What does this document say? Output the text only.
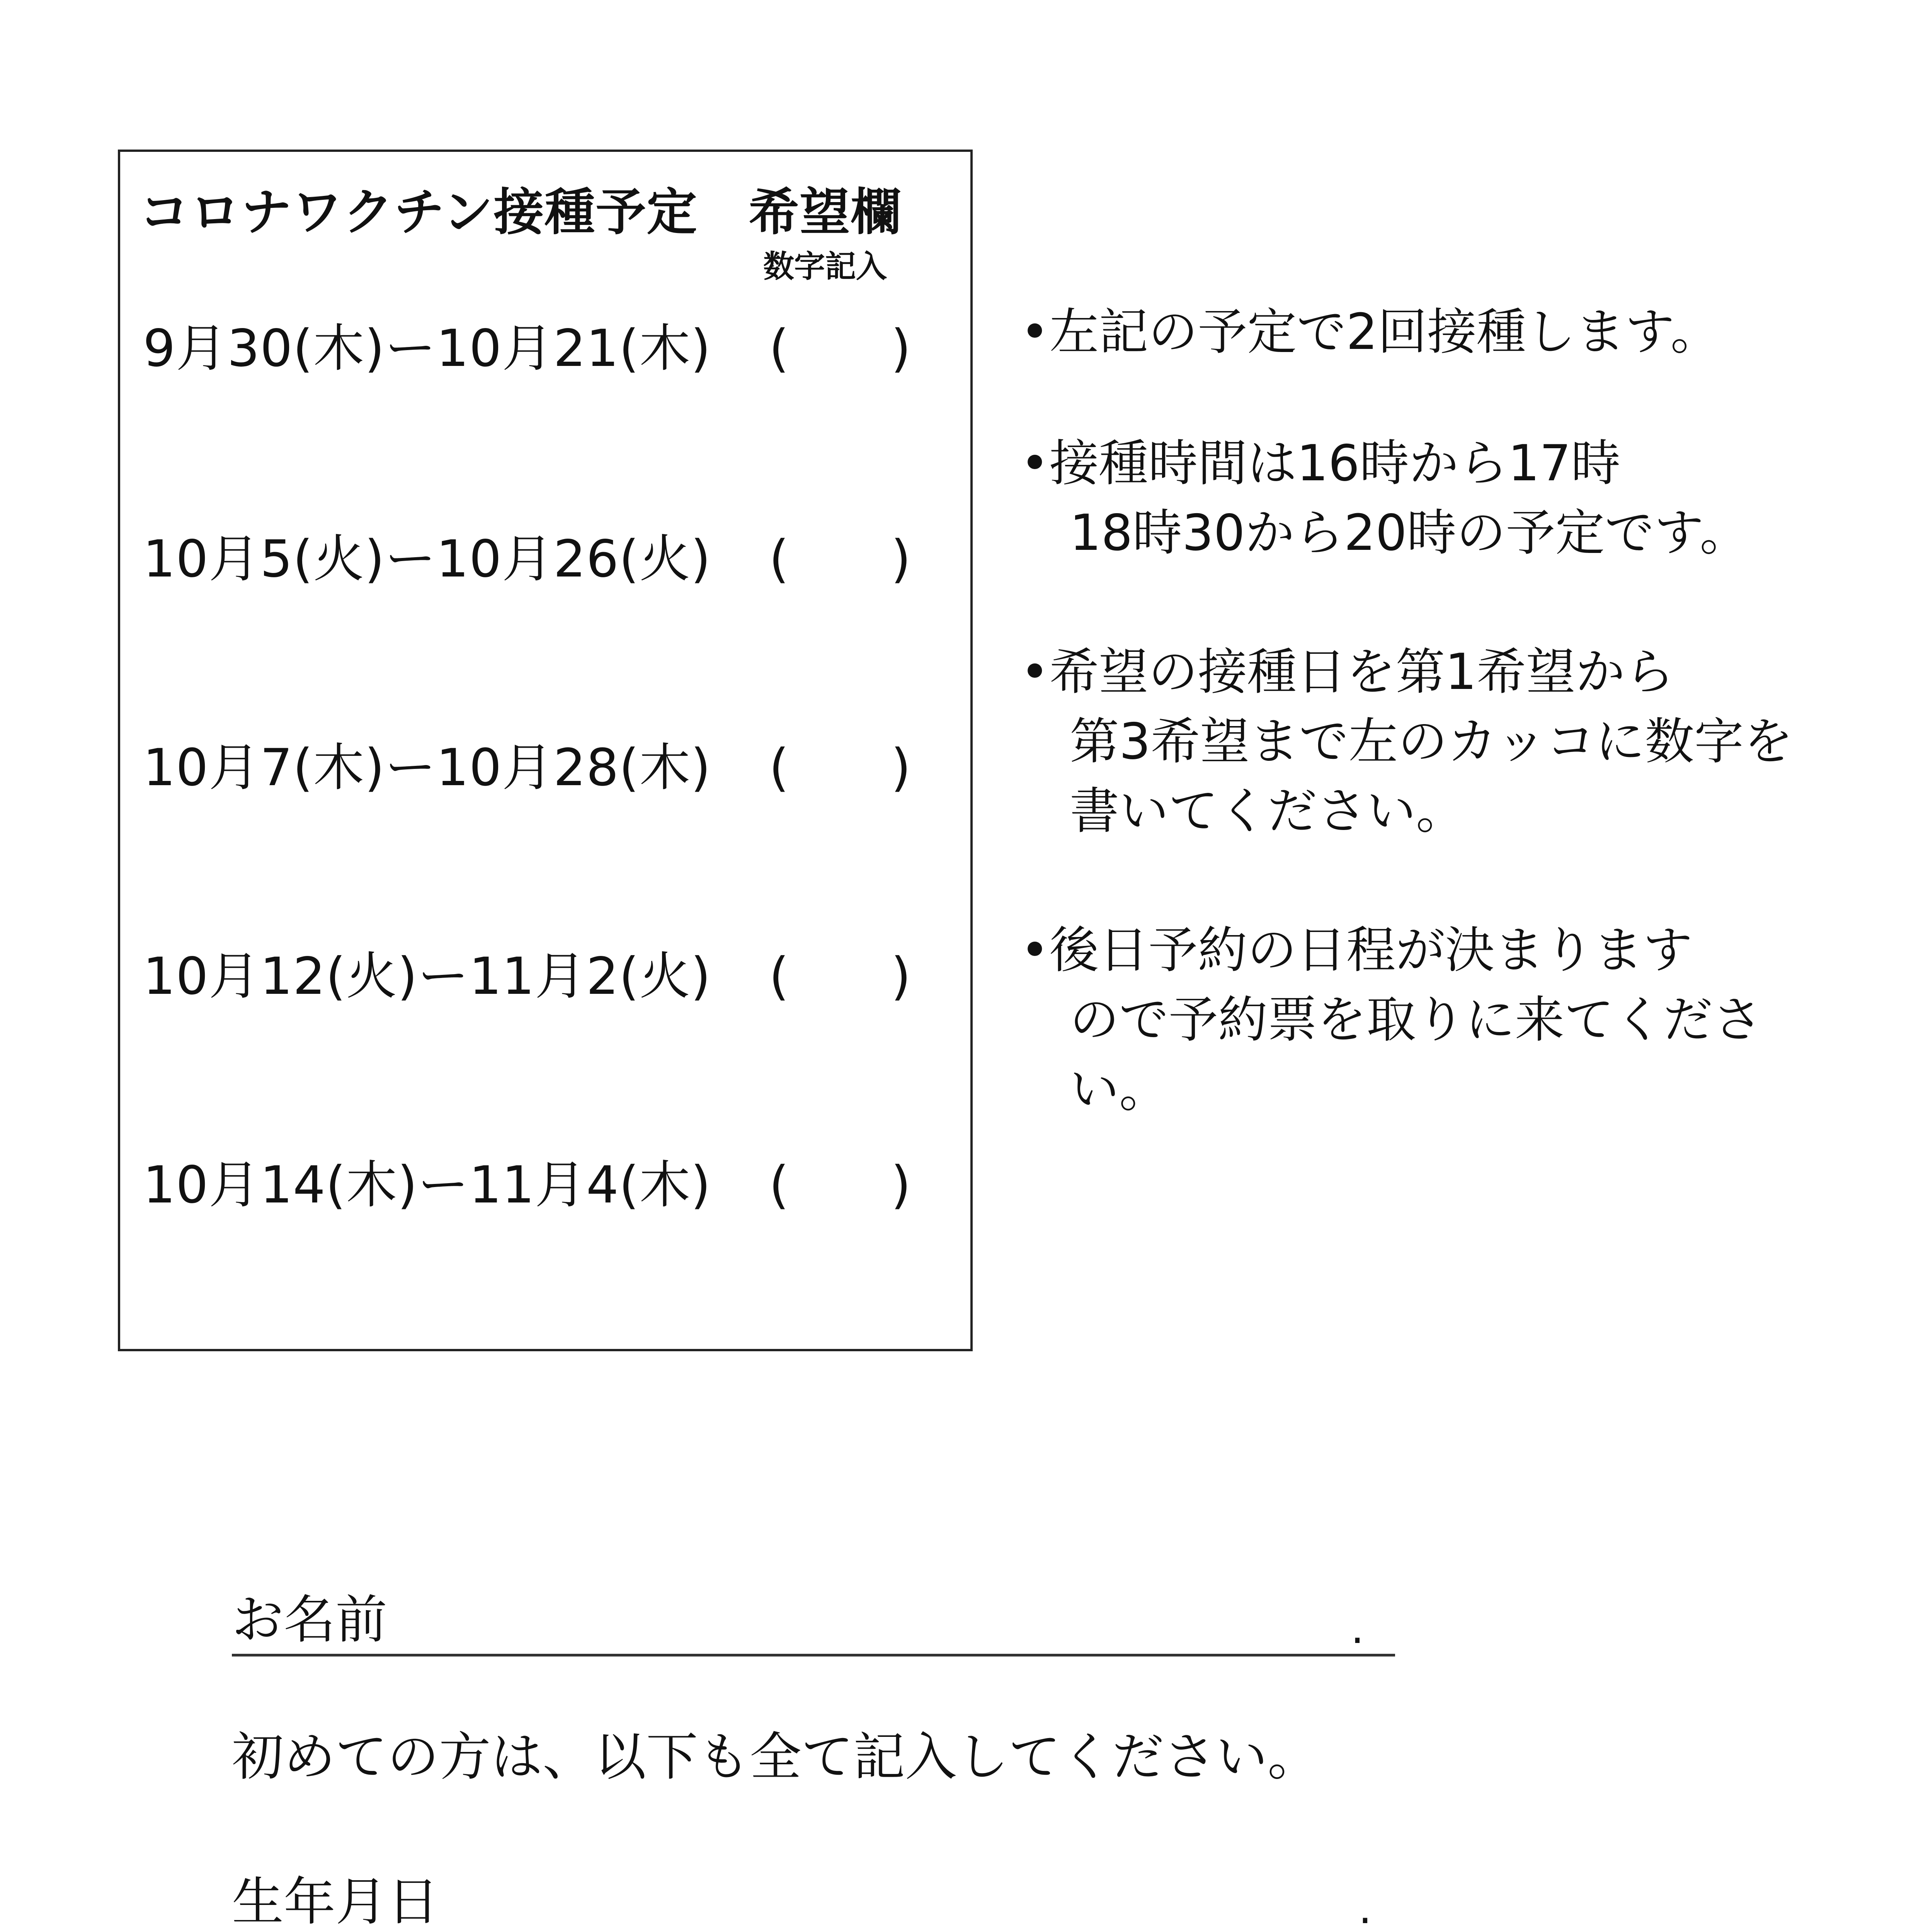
コロナワクチン接種予定　希望欄
数字記入
9月30(木)ー10月21(木) (　　)
10月5(火)ー10月26(火) (　　)
10月7(木)ー10月28(木) (　　)
10月12(火)ー11月2(火) (　　)
10月14(木)ー11月4(木) (　　)
•左記の予定で2回接種します。
•接種時間は16時から17時
　18時30から20時の予定です。
•希望の接種日を第1希望から
　第3希望まで左のカッコに数字を
　書いてください。
•後日予約の日程が決まります
　ので予約票を取りに来てくださ
　い。
お名前	.
初めての方は、以下も全て記入してください。
生年月日	.
